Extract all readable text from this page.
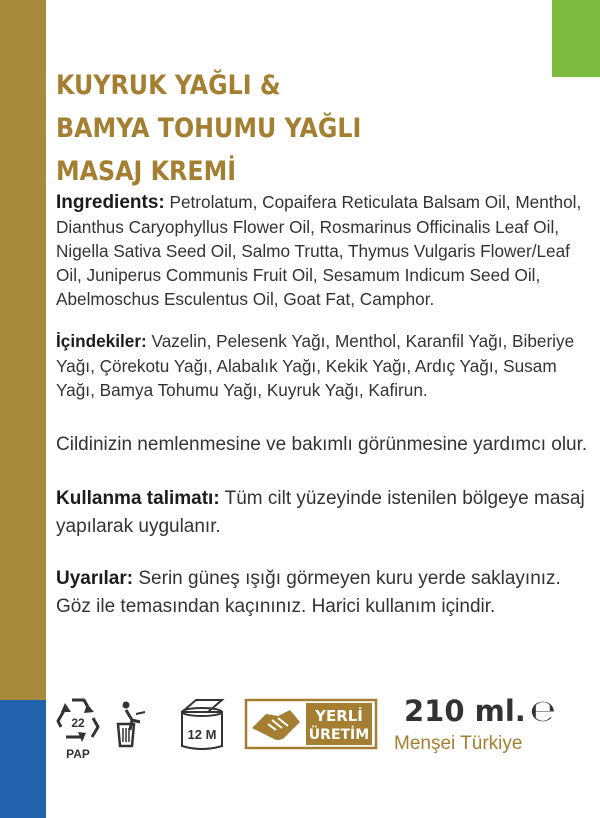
KUYRUK YAĞLI &
BAMYA TOHUMU YAĞLI
MASAJ KREMİ
Ingredients: Petrolatum, Copaifera Reticulata Balsam Oil, Menthol, Dianthus Caryophyllus Flower Oil, Rosmarinus Officinalis Leaf Oil, Nigella Sativa Seed Oil, Salmo Trutta, Thymus Vulgaris Flower/Leaf Oil, Juniperus Communis Fruit Oil, Sesamum Indicum Seed Oil, Abelmoschus Esculentus Oil, Goat Fat, Camphor.
İçindekiler: Vazelin, Pelesenk Yağı, Menthol, Karanfil Yağı, Biberiye Yağı, Çörekotu Yağı, Alabalık Yağı, Kekik Yağı, Ardıç Yağı, Susam Yağı, Bamya Tohumu Yağı, Kuyruk Yağı, Kafirun.
Cildinizin nemlenmesine ve bakımlı görünmesine yardımcı olur.
Kullanma talimatı: Tüm cilt yüzeyinde istenilen bölgeye masaj yapılarak uygulanır.
Uyarılar: Serin güneş ışığı görmeyen kuru yerde saklayınız. Göz ile temasından kaçınınız. Harici kullanım içindir.
22
PAP
12 M
YERLİ
ÜRETİM
210 ml. ℮
Menşei Türkiye
